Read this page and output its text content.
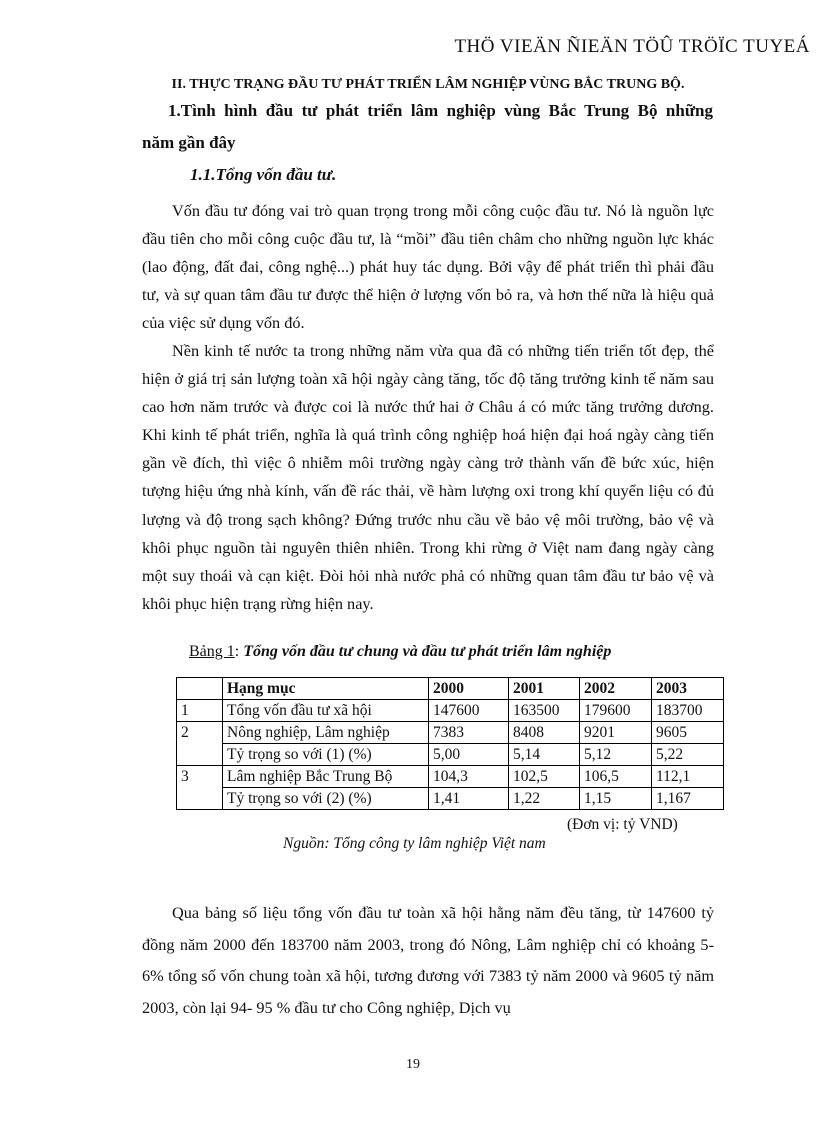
THÖ VIEÄN ÑIEÄN TÖÛ TRÖÏC TUYEÁ
II. THỰC TRẠNG ĐẦU TƯ PHÁT TRIỂN LÂM NGHIỆP VÙNG BẮC TRUNG BỘ.
1.Tình hình đầu tư phát triển lâm nghiệp vùng Bắc Trung Bộ những
năm gần đây
1.1.Tổng vốn đầu tư.
Vốn đầu tư đóng vai trò quan trọng trong mỗi công cuộc đầu tư. Nó là nguồn lực đầu tiên cho mỗi công cuộc đầu tư, là “mồi” đầu tiên châm cho những nguồn lực khác (lao động, đất đai, công nghệ...) phát huy tác dụng. Bởi vậy để phát triển thì phải đầu tư, và sự quan tâm đầu tư được thể hiện ở lượng vốn bỏ ra, và hơn thế nữa là hiệu quả của việc sử dụng vốn đó.
Nền kinh tế nước ta trong những năm vừa qua đã có những tiến triển tốt đẹp, thể hiện ở giá trị sản lượng toàn xã hội ngày càng tăng, tốc độ tăng trưởng kinh tế năm sau cao hơn năm trước và được coi là nước thứ hai ở Châu á có mức tăng trưởng dương. Khi kinh tế phát triển, nghĩa là quá trình công nghiệp hoá hiện đại hoá ngày càng tiến gần về đích, thì việc ô nhiễm môi trường ngày càng trở thành vấn đề bức xúc, hiện tượng hiệu ứng nhà kính, vấn đề rác thải, về hàm lượng oxi trong khí quyển liệu có đủ lượng và độ trong sạch không? Đứng trước nhu cầu về bảo vệ môi trường, bảo vệ và khôi phục nguồn tài nguyên thiên nhiên. Trong khi rừng ở Việt nam đang ngày càng một suy thoái và cạn kiệt. Đòi hỏi nhà nước phả có những quan tâm đầu tư bảo vệ và khôi phục hiện trạng rừng hiện nay.
Bảng 1: Tổng vốn đầu tư chung và đầu tư phát triển lâm nghiệp
	Hạng mục	2000	2001	2002	2003
1	Tổng vốn đầu tư xã hội	147600	163500	179600	183700
2	Nông nghiệp, Lâm nghiệp	7383	8408	9201	9605
	Tỷ trọng so với (1) (%)	5,00	5,14	5,12	5,22
3	Lâm nghiệp Bắc Trung Bộ	104,3	102,5	106,5	112,1
	Tỷ trọng so với (2) (%)	1,41	1,22	1,15	1,167
(Đơn vị: tỷ VND)
Nguồn: Tổng công ty lâm nghiệp Việt nam
Qua bảng số liệu tổng vốn đầu tư toàn xã hội hằng năm đều tăng, từ 147600 tỷ đồng năm 2000 đến 183700 năm 2003, trong đó Nông, Lâm nghiệp chỉ có khoảng 5- 6% tổng số vốn chung toàn xã hội, tương đương với 7383 tỷ năm 2000 và 9605 tỷ năm 2003, còn lại 94- 95 % đầu tư cho Công nghiệp, Dịch vụ
19
